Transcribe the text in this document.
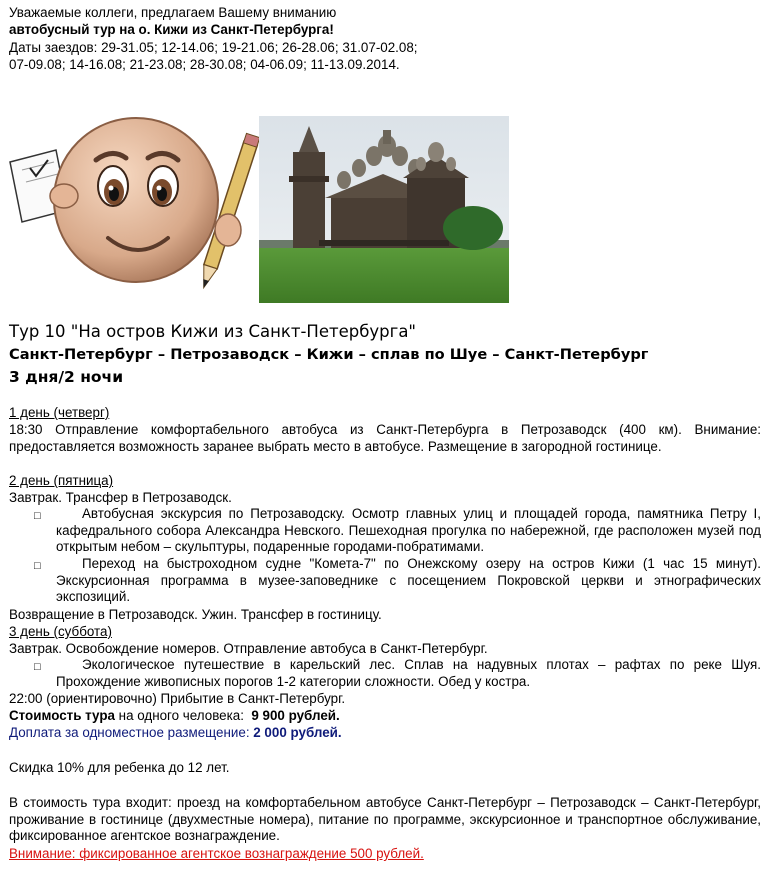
Уважаемые коллеги, предлагаем Вашему вниманию
автобусный тур на о. Кижи из Санкт-Петербурга!
Даты заездов: 29-31.05; 12-14.06; 19-21.06; 26-28.06; 31.07-02.08;
07-09.08; 14-16.08; 21-23.08; 28-30.08; 04-06.09; 11-13.09.2014.
Тур 10 "На остров Кижи из Санкт-Петербурга"
Санкт-Петербург – Петрозаводск – Кижи – сплав по Шуе – Санкт-Петербург
3 дня/2 ночи
1 день (четверг)
18:30 Отправление комфортабельного автобуса из Санкт-Петербурга в Петрозаводск (400 км). Внимание: предоставляется возможность заранее выбрать место в автобусе. Размещение в загородной гостинице.
2 день (пятница)
Завтрак. Трансфер в Петрозаводск.
□	Автобусная экскурсия по Петрозаводску. Осмотр главных улиц и площадей города, памятника Петру I, кафедрального собора Александра Невского. Пешеходная прогулка по набережной, где расположен музей под открытым небом – скульптуры, подаренные городами-побратимами.
□	Переход на быстроходном судне "Комета-7" по Онежскому озеру на остров Кижи (1 час 15 минут). Экскурсионная программа в музее-заповеднике с посещением Покровской церкви и этнографических экспозиций.
Возвращение в Петрозаводск. Ужин. Трансфер в гостиницу.
3 день (суббота)
Завтрак. Освобождение номеров. Отправление автобуса в Санкт-Петербург.
□	Экологическое путешествие в карельский лес. Сплав на надувных плотах – рафтах по реке Шуя. Прохождение живописных порогов 1-2 категории сложности. Обед у костра.
22:00 (ориентировочно) Прибытие в Санкт-Петербург.
Стоимость тура на одного человека:  9 900 рублей.
Доплата за одноместное размещение: 2 000 рублей.
Скидка 10% для ребенка до 12 лет.
В стоимость тура входит: проезд на комфортабельном автобусе Санкт-Петербург – Петрозаводск – Санкт-Петербург, проживание в гостинице (двухместные номера), питание по программе, экскурсионное и транспортное обслуживание, фиксированное агентское вознаграждение.
Внимание: фиксированное агентское вознаграждение 500 рублей.
